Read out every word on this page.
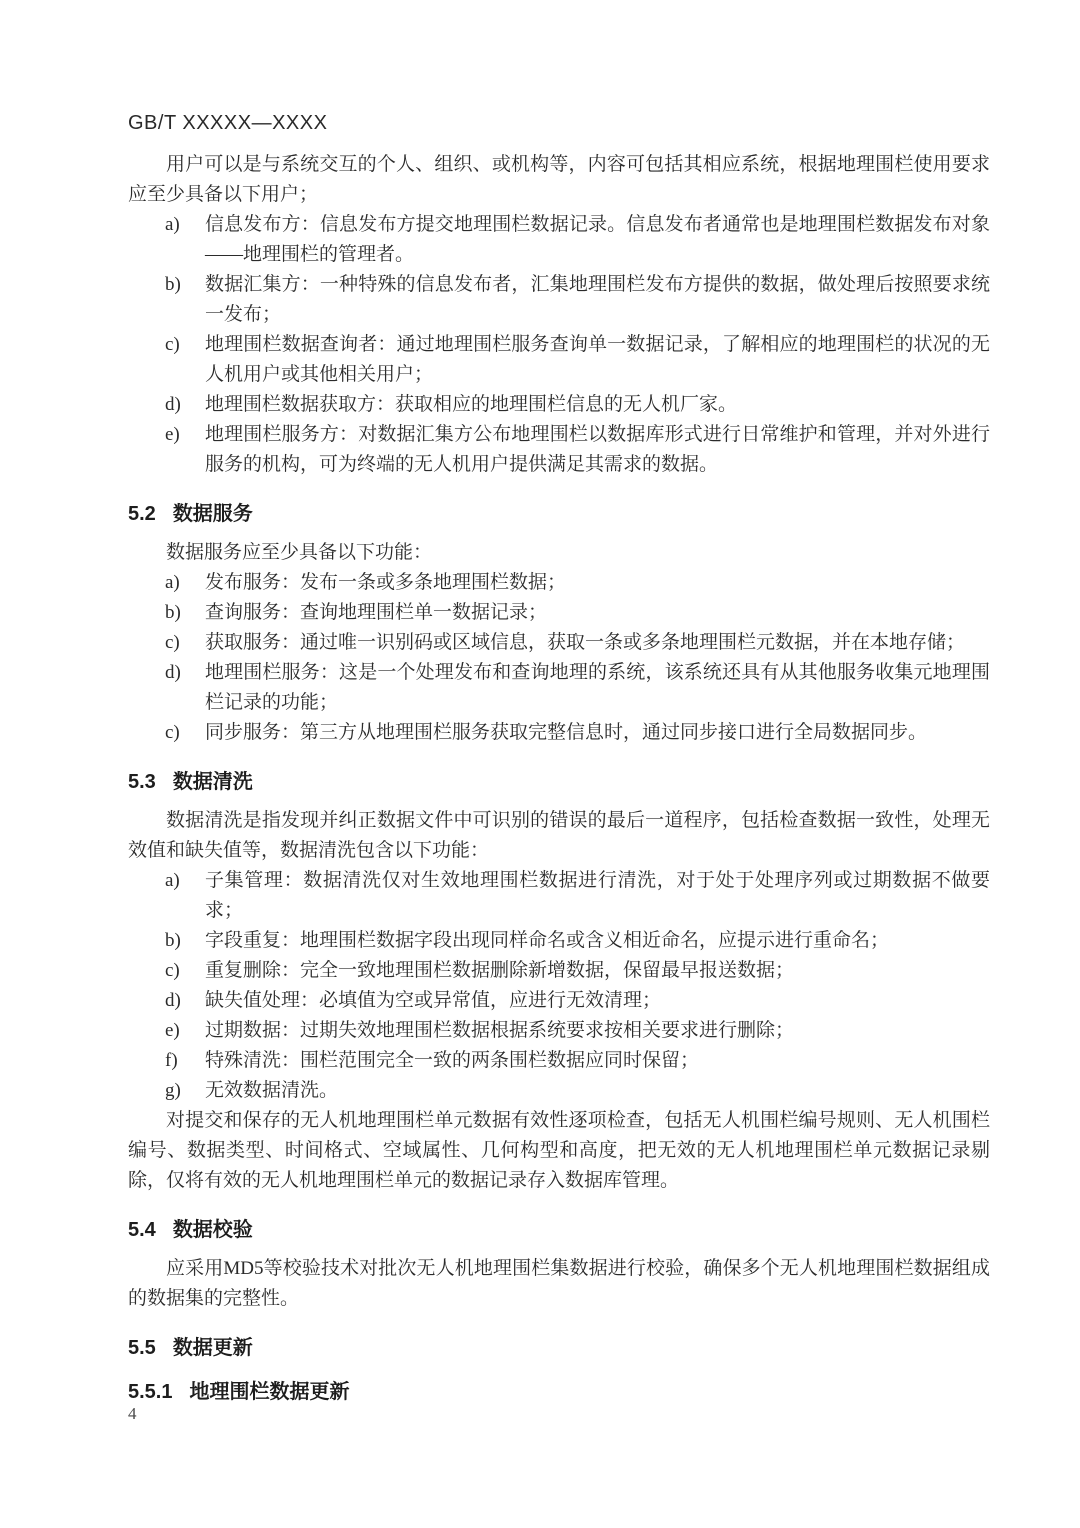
GB/T XXXXX—XXXX

用户可以是与系统交互的个人、组织、或机构等，内容可包括其相应系统，根据地理围栏使用要求应至少具备以下用户；

a)	信息发布方：信息发布方提交地理围栏数据记录。信息发布者通常也是地理围栏数据发布对象——地理围栏的管理者。
b)	数据汇集方：一种特殊的信息发布者，汇集地理围栏发布方提供的数据，做处理后按照要求统一发布；
c)	地理围栏数据查询者：通过地理围栏服务查询单一数据记录，了解相应的地理围栏的状况的无人机用户或其他相关用户；
d)	地理围栏数据获取方：获取相应的地理围栏信息的无人机厂家。
e)	地理围栏服务方：对数据汇集方公布地理围栏以数据库形式进行日常维护和管理，并对外进行服务的机构，可为终端的无人机用户提供满足其需求的数据。
5.2 数据服务

数据服务应至少具备以下功能：

a)	发布服务：发布一条或多条地理围栏数据；
b)	查询服务：查询地理围栏单一数据记录；
c)	获取服务：通过唯一识别码或区域信息，获取一条或多条地理围栏元数据，并在本地存储；
d)	地理围栏服务：这是一个处理发布和查询地理的系统，该系统还具有从其他服务收集元地理围栏记录的功能；
c)	同步服务：第三方从地理围栏服务获取完整信息时，通过同步接口进行全局数据同步。
5.3 数据清洗

数据清洗是指发现并纠正数据文件中可识别的错误的最后一道程序，包括检查数据一致性，处理无效值和缺失值等，数据清洗包含以下功能：

a)	子集管理：数据清洗仅对生效地理围栏数据进行清洗，对于处于处理序列或过期数据不做要求；
b)	字段重复：地理围栏数据字段出现同样命名或含义相近命名，应提示进行重命名；
c)	重复删除：完全一致地理围栏数据删除新增数据，保留最早报送数据；
d)	缺失值处理：必填值为空或异常值，应进行无效清理；
e)	过期数据：过期失效地理围栏数据根据系统要求按相关要求进行删除；
f)	特殊清洗：围栏范围完全一致的两条围栏数据应同时保留；
g)	无效数据清洗。

对提交和保存的无人机地理围栏单元数据有效性逐项检查，包括无人机围栏编号规则、无人机围栏编号、数据类型、时间格式、空域属性、几何构型和高度，把无效的无人机地理围栏单元数据记录剔除，仅将有效的无人机地理围栏单元的数据记录存入数据库管理。

5.4 数据校验

应采用MD5等校验技术对批次无人机地理围栏集数据进行校验，确保多个无人机地理围栏数据组成的数据集的完整性。

5.5 数据更新
5.5.1 地理围栏数据更新
4
